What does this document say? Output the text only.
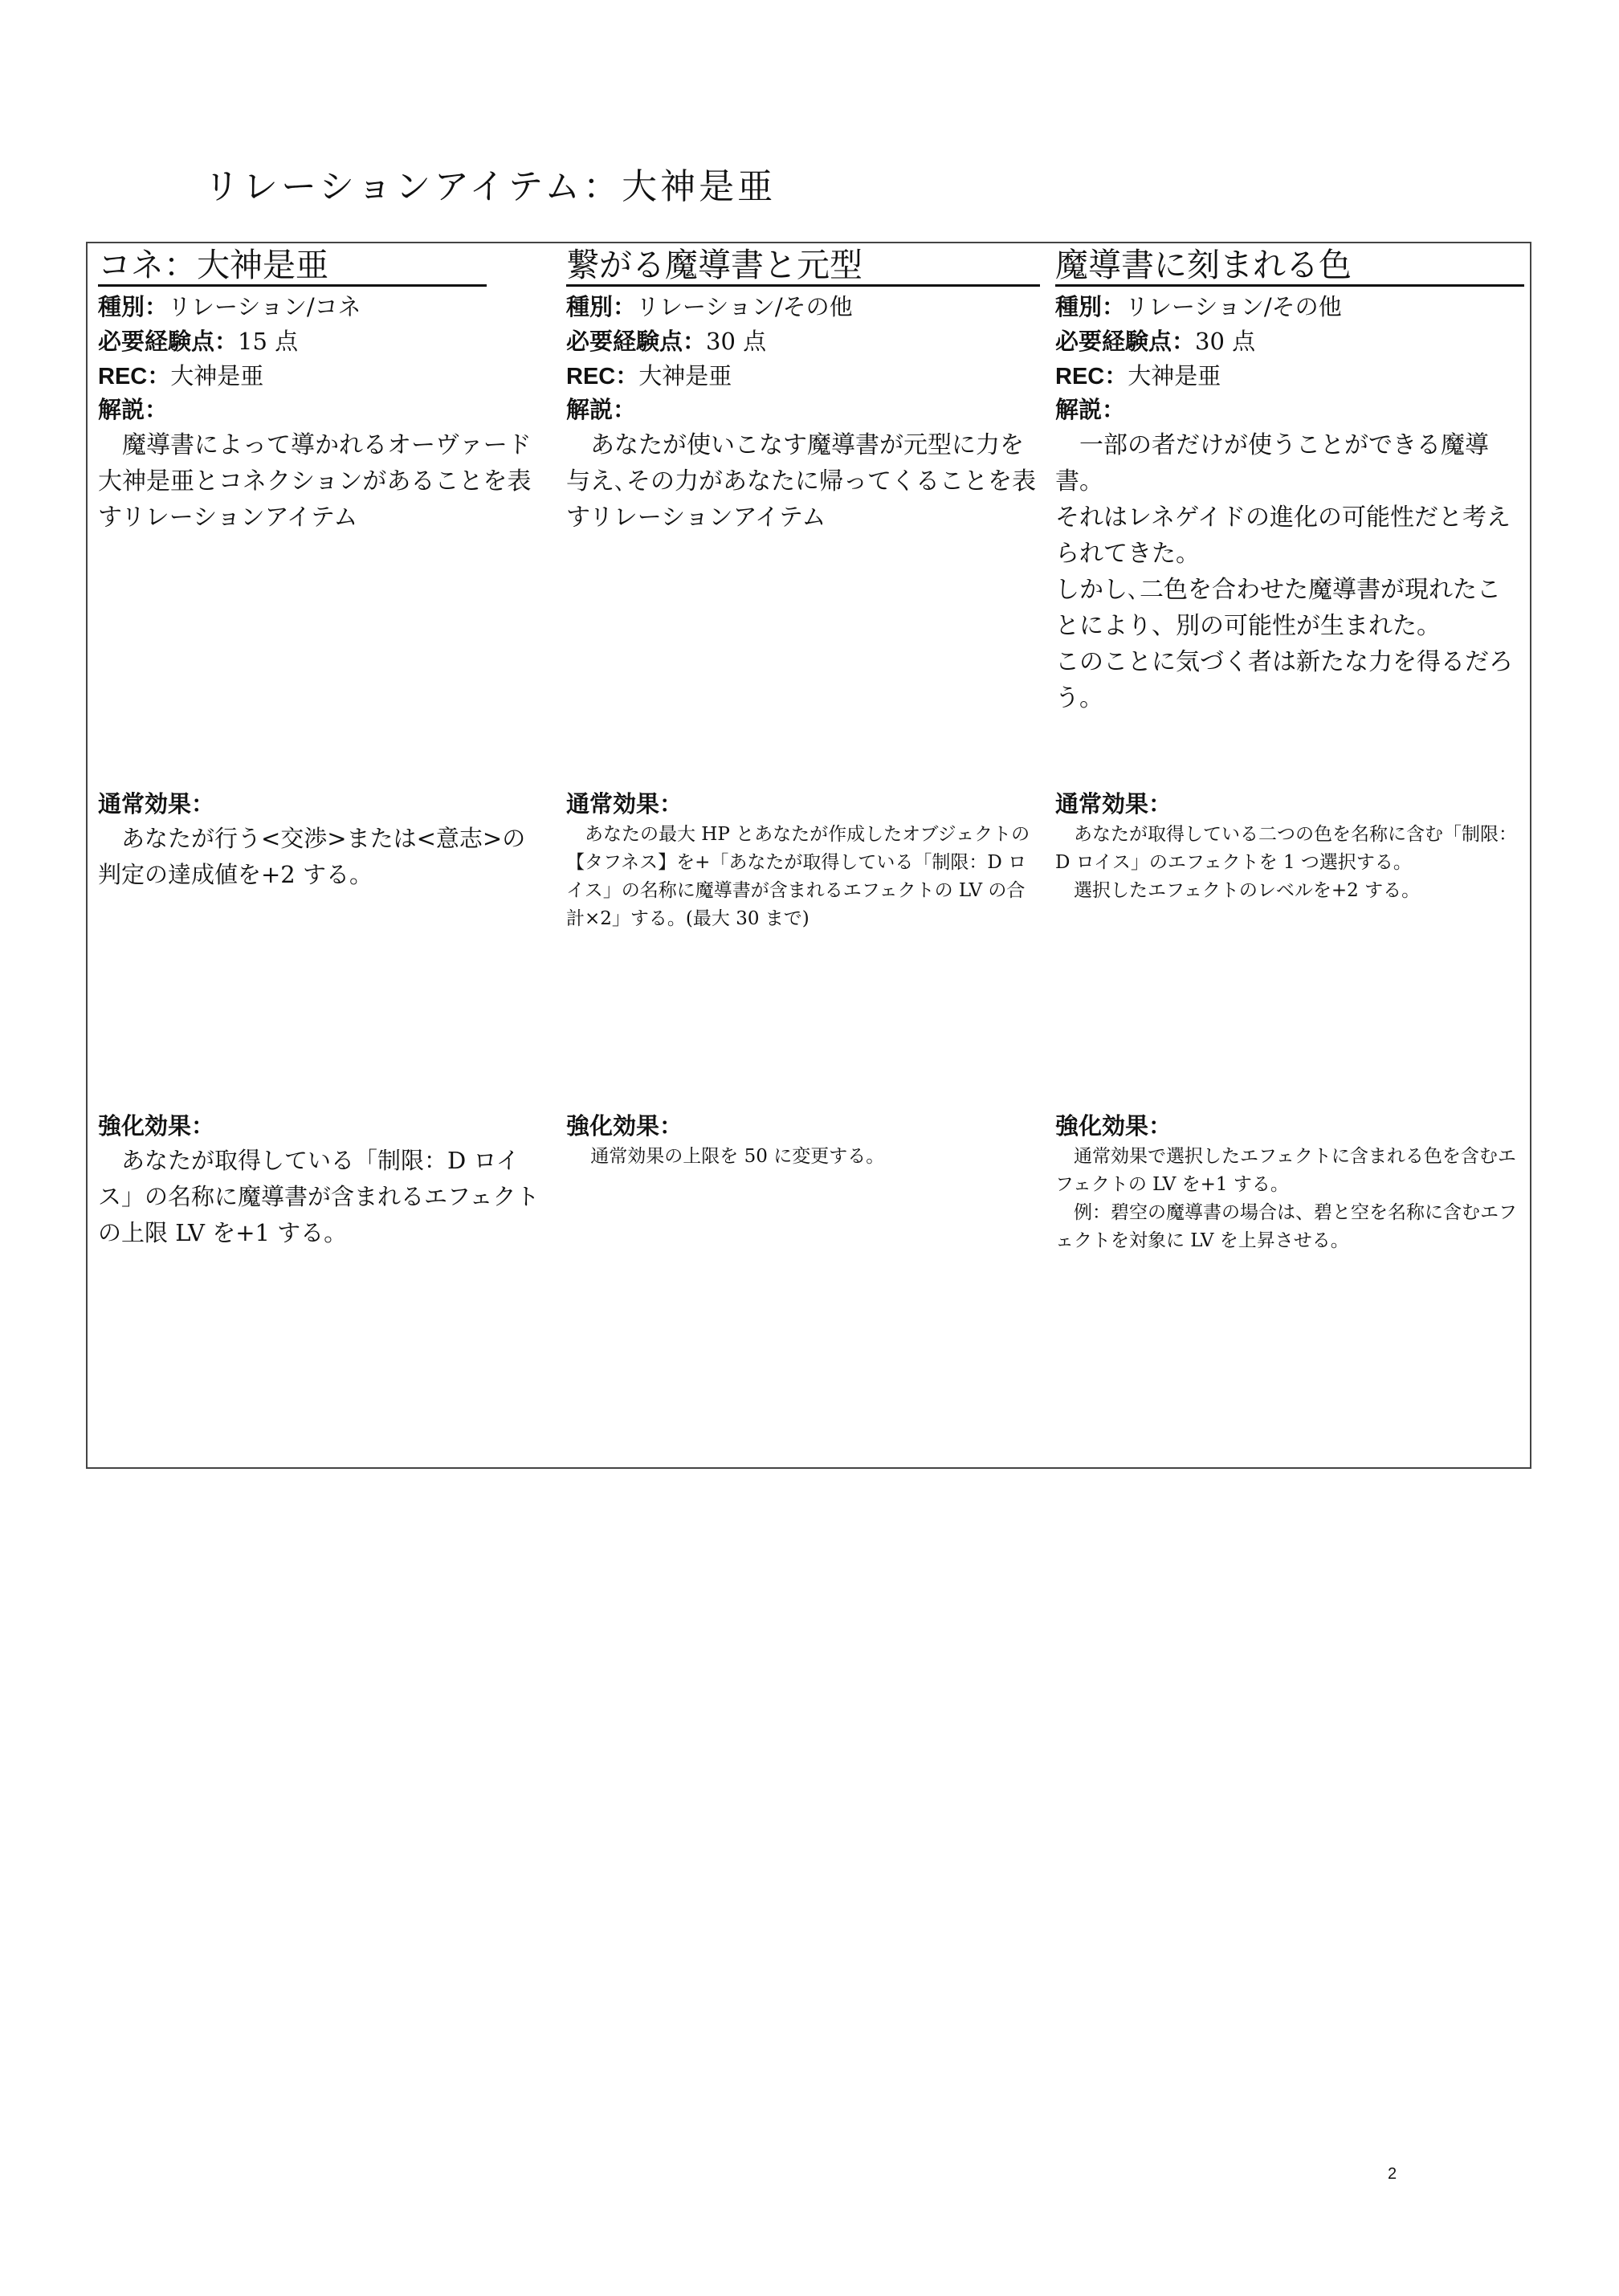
リレーションアイテム：大神是亜
コネ：大神是亜
種別：リレーション/コネ
必要経験点：15 点
REC：大神是亜
解説：

　魔導書によって導かれるオーヴァード大神是亜とコネクションがあることを表すリレーションアイテム

通常効果：

　あなたが行う<交渉>または<意志>の判定の達成値を+2 する。

強化効果：

　あなたが取得している「制限：D ロイス」の名称に魔導書が含まれるエフェクトの上限 LV を+1 する。

繋がる魔導書と元型
種別：リレーション/その他
必要経験点：30 点
REC：大神是亜
解説：

　あなたが使いこなす魔導書が元型に力を与え､その力があなたに帰ってくることを表すリレーションアイテム

通常効果：

　あなたの最大 HP とあなたが作成したオブジェクトの【タフネス】を+「あなたが取得している「制限：D ロイス」の名称に魔導書が含まれるエフェクトの LV の合計×2」する。(最大 30 まで)

強化効果：

　 通常効果の上限を 50 に変更する。

魔導書に刻まれる色
種別：リレーション/その他
必要経験点：30 点
REC：大神是亜
解説：

　一部の者だけが使うことができる魔導書。

それはレネゲイドの進化の可能性だと考えられてきた。

しかし､二色を合わせた魔導書が現れたことにより、別の可能性が生まれた。

このことに気づく者は新たな力を得るだろう。

通常効果：

　あなたが取得している二つの色を名称に含む「制限：D ロイス」のエフェクトを 1 つ選択する。

　選択したエフェクトのレベルを+2 する。

強化効果：

　通常効果で選択したエフェクトに含まれる色を含むエフェクトの LV を+1 する。

　例：碧空の魔導書の場合は、碧と空を名称に含むエフェクトを対象に LV を上昇させる。

2
